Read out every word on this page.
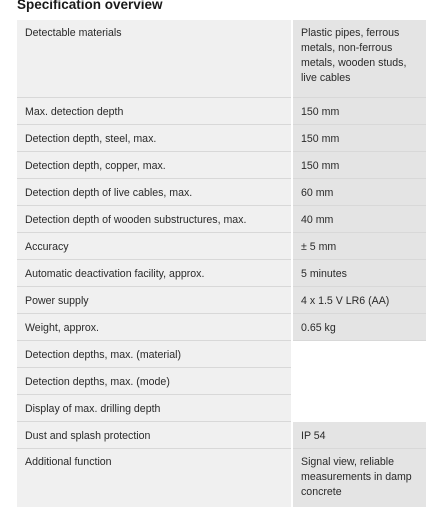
Specification overview
Detectable materials	Plastic pipes, ferrous metals, non-ferrous metals, wooden studs, live cables
Max. detection depth	150 mm
Detection depth, steel, max.	150 mm
Detection depth, copper, max.	150 mm
Detection depth of live cables, max.	60 mm
Detection depth of wooden substructures, max.	40 mm
Accuracy	± 5 mm
Automatic deactivation facility, approx.	5 minutes
Power supply	4 x 1.5 V LR6 (AA)
Weight, approx.	0.65 kg
Detection depths, max. (material)	
Detection depths, max. (mode)	
Display of max. drilling depth	
Dust and splash protection	IP 54
Additional function	Signal view, reliable measurements in damp concrete
